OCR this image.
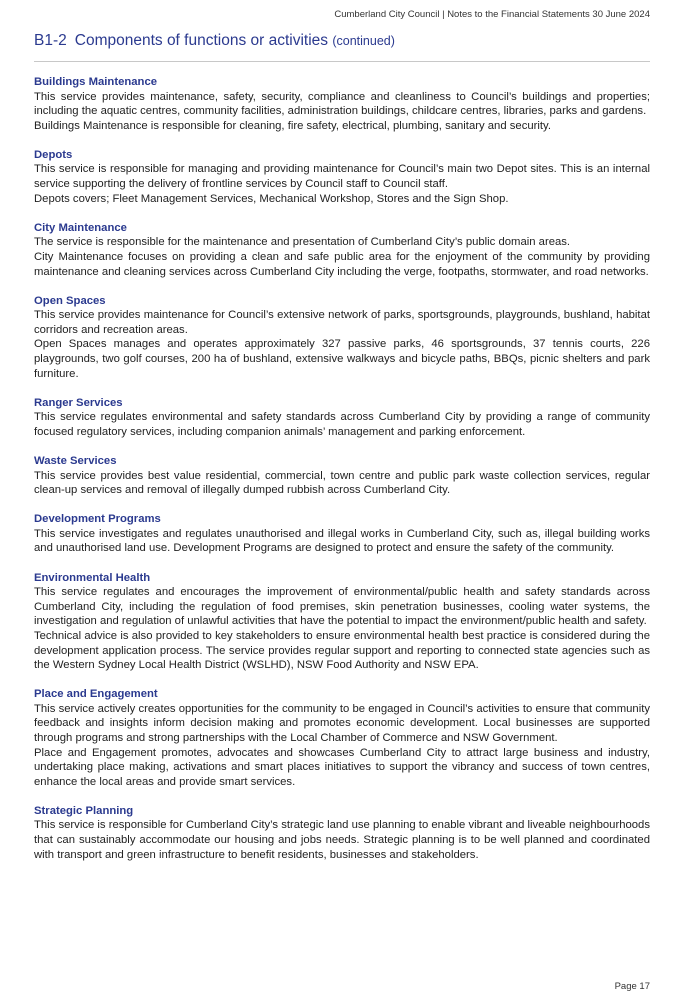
Cumberland City Council | Notes to the Financial Statements 30 June 2024
B1-2 Components of functions or activities (continued)
Buildings Maintenance

This service provides maintenance, safety, security, compliance and cleanliness to Council’s buildings and properties; including the aquatic centres, community facilities, administration buildings, childcare centres, libraries, parks and gardens.

Buildings Maintenance is responsible for cleaning, fire safety, electrical, plumbing, sanitary and security.

Depots

This service is responsible for managing and providing maintenance for Council’s main two Depot sites. This is an internal service supporting the delivery of frontline services by Council staff to Council staff.

Depots covers; Fleet Management Services, Mechanical Workshop, Stores and the Sign Shop.

City Maintenance

The service is responsible for the maintenance and presentation of Cumberland City’s public domain areas.

City Maintenance focuses on providing a clean and safe public area for the enjoyment of the community by providing maintenance and cleaning services across Cumberland City including the verge, footpaths, stormwater, and road networks.

Open Spaces

This service provides maintenance for Council’s extensive network of parks, sportsgrounds, playgrounds, bushland, habitat corridors and recreation areas.

Open Spaces manages and operates approximately 327 passive parks, 46 sportsgrounds, 37 tennis courts, 226 playgrounds, two golf courses, 200 ha of bushland, extensive walkways and bicycle paths, BBQs, picnic shelters and park furniture.

Ranger Services

This service regulates environmental and safety standards across Cumberland City by providing a range of community focused regulatory services, including companion animals’ management and parking enforcement.

Waste Services

This service provides best value residential, commercial, town centre and public park waste collection services, regular clean-up services and removal of illegally dumped rubbish across Cumberland City.

Development Programs

This service investigates and regulates unauthorised and illegal works in Cumberland City, such as, illegal building works and unauthorised land use. Development Programs are designed to protect and ensure the safety of the community.

Environmental Health

This service regulates and encourages the improvement of environmental/public health and safety standards across Cumberland City, including the regulation of food premises, skin penetration businesses, cooling water systems, the investigation and regulation of unlawful activities that have the potential to impact the environment/public health and safety.

Technical advice is also provided to key stakeholders to ensure environmental health best practice is considered during the development application process. The service provides regular support and reporting to connected state agencies such as the Western Sydney Local Health District (WSLHD), NSW Food Authority and NSW EPA.

Place and Engagement

This service actively creates opportunities for the community to be engaged in Council’s activities to ensure that community feedback and insights inform decision making and promotes economic development. Local businesses are supported through programs and strong partnerships with the Local Chamber of Commerce and NSW Government.

Place and Engagement promotes, advocates and showcases Cumberland City to attract large business and industry, undertaking place making, activations and smart places initiatives to support the vibrancy and success of town centres, enhance the local areas and provide smart services.

Strategic Planning

This service is responsible for Cumberland City’s strategic land use planning to enable vibrant and liveable neighbourhoods that can sustainably accommodate our housing and jobs needs. Strategic planning is to be well planned and coordinated with transport and green infrastructure to benefit residents, businesses and stakeholders.

Page 17
